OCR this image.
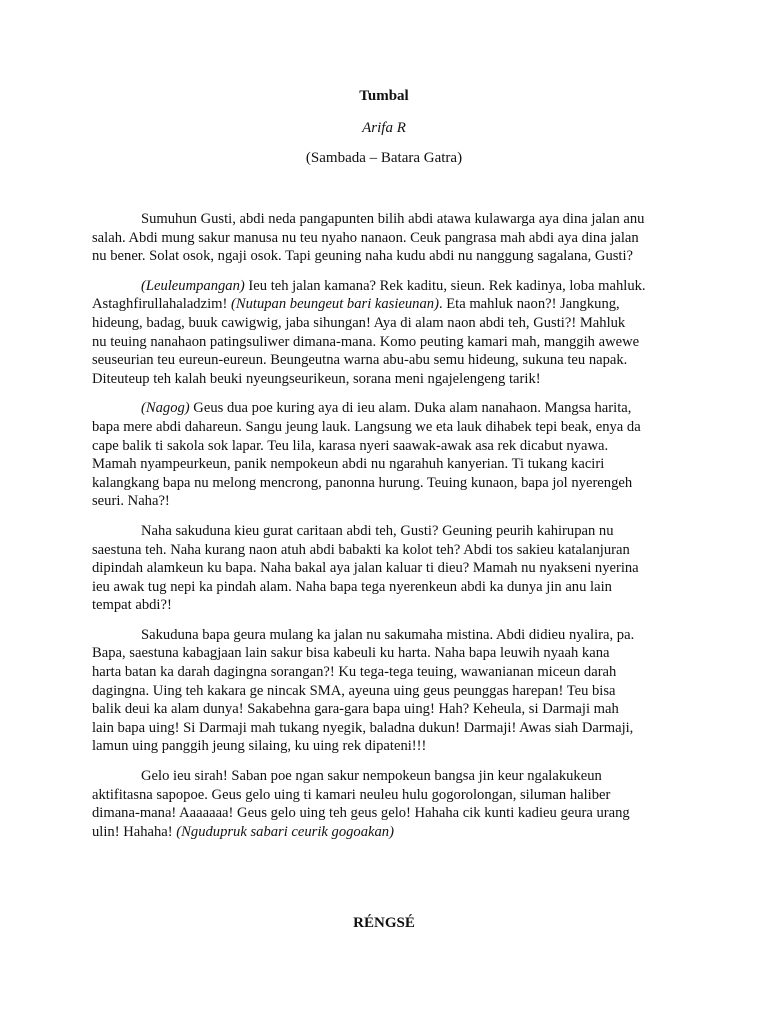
Tumbal
Arifa R
(Sambada – Batara Gatra)

Sumuhun Gusti, abdi neda pangapunten bilih abdi atawa kulawarga aya dina jalan anu
salah. Abdi mung sakur manusa nu teu nyaho nanaon. Ceuk pangrasa mah abdi aya dina jalan
nu bener. Solat osok, ngaji osok. Tapi geuning naha kudu abdi nu nanggung sagalana, Gusti?

(Leuleumpangan) Ieu teh jalan kamana? Rek kaditu, sieun. Rek kadinya, loba mahluk.
Astaghfirullahaladzim! (Nutupan beungeut bari kasieunan). Eta mahluk naon?! Jangkung,
hideung, badag, buuk cawigwig, jaba sihungan! Aya di alam naon abdi teh, Gusti?! Mahluk
nu teuing nanahaon patingsuliwer dimana-mana. Komo peuting kamari mah, manggih awewe
seuseurian teu eureun-eureun. Beungeutna warna abu-abu semu hideung, sukuna teu napak.
Diteuteup teh kalah beuki nyeungseurikeun, sorana meni ngajelengeng tarik!

(Nagog) Geus dua poe kuring aya di ieu alam. Duka alam nanahaon. Mangsa harita,
bapa mere abdi dahareun. Sangu jeung lauk. Langsung we eta lauk dihabek tepi beak, enya da
cape balik ti sakola sok lapar. Teu lila, karasa nyeri saawak-awak asa rek dicabut nyawa.
Mamah nyampeurkeun, panik nempokeun abdi nu ngarahuh kanyerian. Ti tukang kaciri
kalangkang bapa nu melong mencrong, panonna hurung. Teuing kunaon, bapa jol nyerengeh
seuri. Naha?!

Naha sakuduna kieu gurat caritaan abdi teh, Gusti? Geuning peurih kahirupan nu
saestuna teh. Naha kurang naon atuh abdi babakti ka kolot teh? Abdi tos sakieu katalanjuran
dipindah alamkeun ku bapa. Naha bakal aya jalan kaluar ti dieu? Mamah nu nyakseni nyerina
ieu awak tug nepi ka pindah alam. Naha bapa tega nyerenkeun abdi ka dunya jin anu lain
tempat abdi?!

Sakuduna bapa geura mulang ka jalan nu sakumaha mistina. Abdi didieu nyalira, pa.
Bapa, saestuna kabagjaan lain sakur bisa kabeuli ku harta. Naha bapa leuwih nyaah kana
harta batan ka darah dagingna sorangan?! Ku tega-tega teuing, wawanianan miceun darah
dagingna. Uing teh kakara ge nincak SMA, ayeuna uing geus peunggas harepan! Teu bisa
balik deui ka alam dunya! Sakabehna gara-gara bapa uing! Hah? Keheula, si Darmaji mah
lain bapa uing! Si Darmaji mah tukang nyegik, baladna dukun! Darmaji! Awas siah Darmaji,
lamun uing panggih jeung silaing, ku uing rek dipateni!!!

Gelo ieu sirah! Saban poe ngan sakur nempokeun bangsa jin keur ngalakukeun
aktifitasna sapopoe. Geus gelo uing ti kamari neuleu hulu gogorolongan, siluman haliber
dimana-mana! Aaaaaaa! Geus gelo uing teh geus gelo! Hahaha cik kunti kadieu geura urang
ulin! Hahaha! (Ngudupruk sabari ceurik gogoakan)

RÉNGSÉ
